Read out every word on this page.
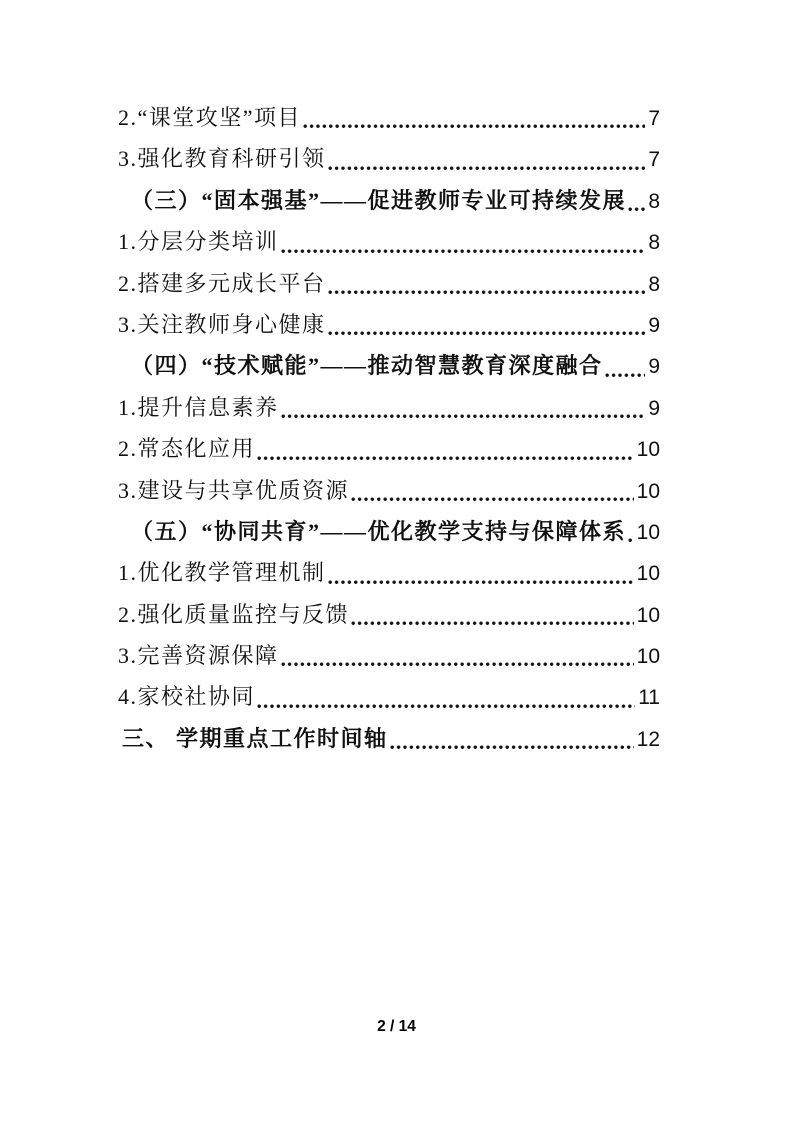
2.“课堂攻坚”项目	7
3.强化教育科研引领	7
（三）“固本强基”——促进教师专业可持续发展 8
1.分层分类培训	8
2.搭建多元成长平台	8
3.关注教师身心健康	9
（四）“技术赋能”——推动智慧教育深度融合 9
1.提升信息素养	9
2.常态化应用	10
3.建设与共享优质资源	10
（五）“协同共育”——优化教学支持与保障体系 10
1.优化教学管理机制	10
2.强化质量监控与反馈	10
3.完善资源保障	10
4.家校社协同	11
三、 学期重点工作时间轴	12
2 / 14
